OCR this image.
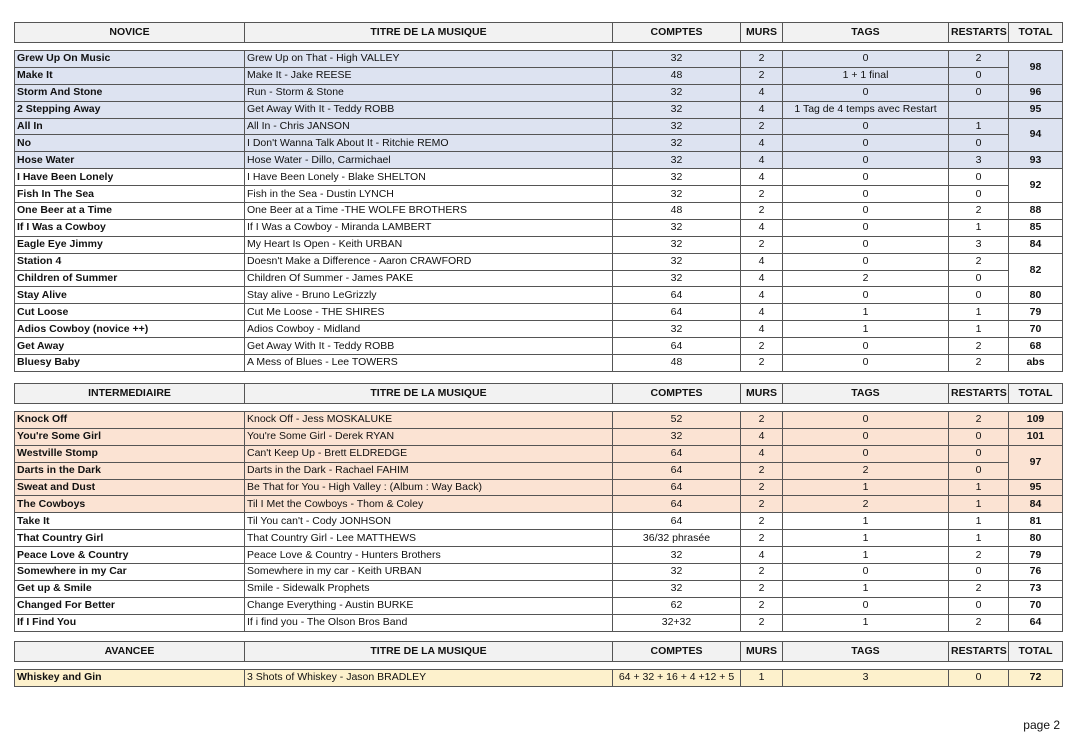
NOVICE	TITRE DE LA MUSIQUE	COMPTES	MURS	TAGS	RESTARTS	TOTAL
Grew Up On Music	Grew Up on That - High VALLEY	32	2	0	2	98
Make It	Make It - Jake REESE	48	2	1 + 1 final	0	
Storm And Stone	Run - Storm & Stone	32	4	0	0	96
2 Stepping Away	Get Away With It - Teddy ROBB	32	4	1 Tag de 4 temps avec Restart		95
All In	All In - Chris JANSON	32	2	0	1	94
No	I Don't Wanna Talk About It - Ritchie REMO	32	4	0	0	
Hose Water	Hose Water - Dillo, Carmichael	32	4	0	3	93
I Have Been Lonely	I Have Been Lonely - Blake SHELTON	32	4	0	0	92
Fish In The Sea	Fish in the Sea - Dustin LYNCH	32	2	0	0	
One Beer at a Time	One Beer at a Time -THE WOLFE BROTHERS	48	2	0	2	88
If I Was a Cowboy	If I Was a Cowboy - Miranda LAMBERT	32	4	0	1	85
Eagle Eye Jimmy	My Heart Is Open - Keith URBAN	32	2	0	3	84
Station 4	Doesn't Make a Difference - Aaron CRAWFORD	32	4	0	2	82
Children of Summer	Children Of Summer - James PAKE	32	4	2	0	
Stay Alive	Stay alive - Bruno LeGrizzly	64	4	0	0	80
Cut Loose	Cut Me Loose - THE SHIRES	64	4	1	1	79
Adios Cowboy (novice ++)	Adios Cowboy - Midland	32	4	1	1	70
Get Away	Get Away With It - Teddy ROBB	64	2	0	2	68
Bluesy Baby	A Mess of Blues - Lee TOWERS	48	2	0	2	abs
INTERMEDIAIRE	TITRE DE LA MUSIQUE	COMPTES	MURS	TAGS	RESTARTS	TOTAL
Knock Off	Knock Off - Jess MOSKALUKE	52	2	0	2	109
You're Some Girl	You're Some Girl - Derek RYAN	32	4	0	0	101
Westville Stomp	Can't Keep Up - Brett ELDREDGE	64	4	0	0	97
Darts in the Dark	Darts in the Dark - Rachael FAHIM	64	2	2	0	
Sweat and Dust	Be That for You - High Valley : (Album : Way Back)	64	2	1	1	95
The Cowboys	Til I Met the Cowboys - Thom & Coley	64	2	2	1	84
Take It	Til You can't - Cody JONHSON	64	2	1	1	81
That Country Girl	That Country Girl - Lee MATTHEWS	36/32 phrasée	2	1	1	80
Peace Love & Country	Peace Love & Country - Hunters Brothers	32	4	1	2	79
Somewhere in my Car	Somewhere in my car - Keith URBAN	32	2	0	0	76
Get up & Smile	Smile - Sidewalk Prophets	32	2	1	2	73
Changed For Better	Change Everything - Austin BURKE	62	2	0	0	70
If I Find You	If i find you - The Olson Bros Band	32+32	2	1	2	64
AVANCEE	TITRE DE LA MUSIQUE	COMPTES	MURS	TAGS	RESTARTS	TOTAL
Whiskey and Gin	3 Shots of Whiskey - Jason BRADLEY	64 + 32 + 16 + 4 +12 + 5	1	3	0	72
page 2
